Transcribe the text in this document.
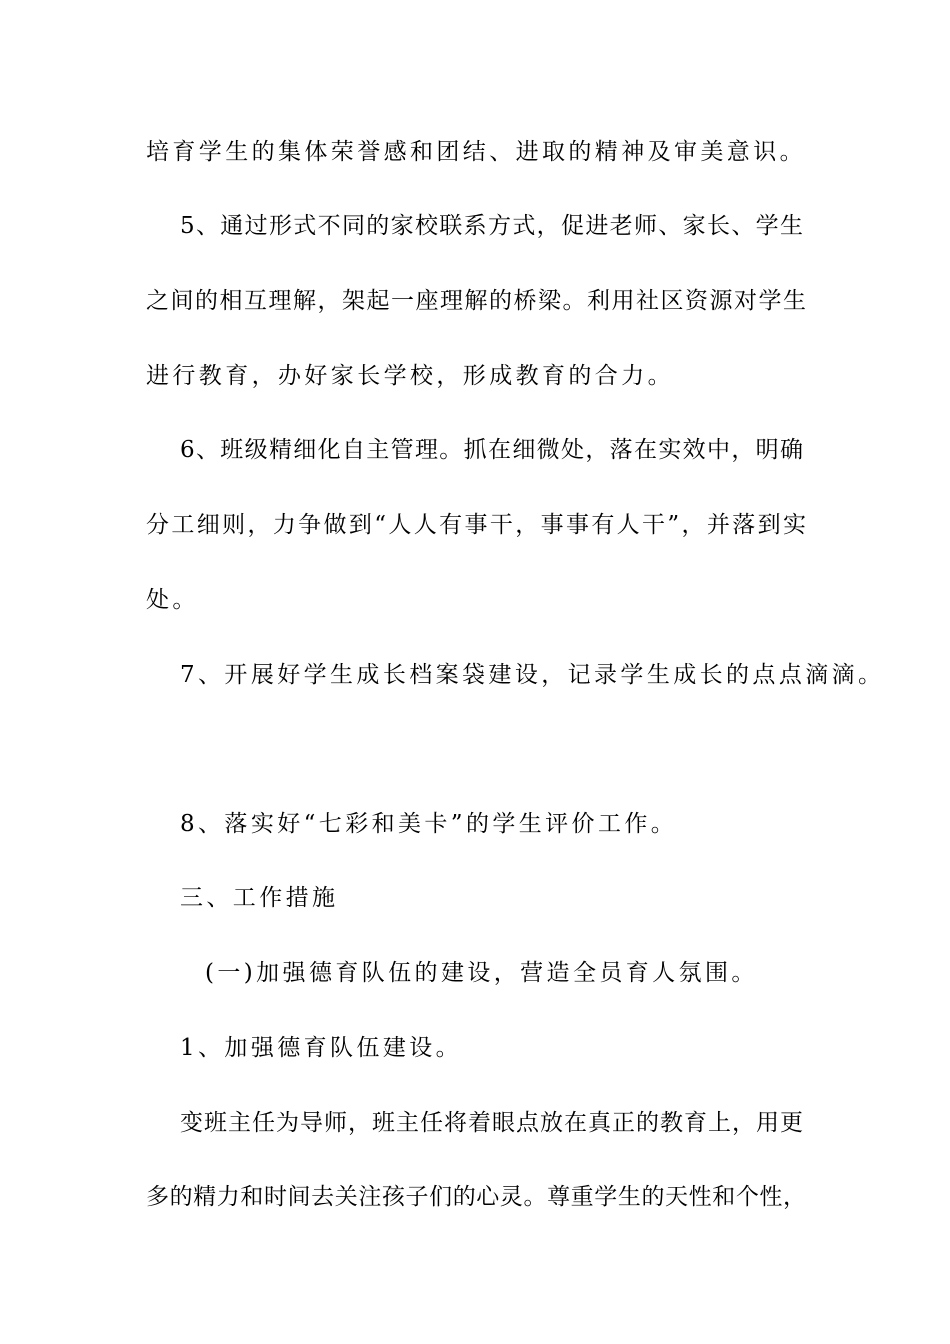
培育学生的集体荣誉感和团结、进取的精神及审美意识。
5、通过形式不同的家校联系方式，促进老师、家长、学生
之间的相互理解，架起一座理解的桥梁。利用社区资源对学生
进行教育，办好家长学校，形成教育的合力。
6、班级精细化自主管理。抓在细微处，落在实效中，明确
分工细则，力争做到“人人有事干，事事有人干”，并落到实
处。
7、开展好学生成长档案袋建设，记录学生成长的点点滴滴。
8、落实好“七彩和美卡”的学生评价工作。
三、工作措施
(一)加强德育队伍的建设，营造全员育人氛围。
1、加强德育队伍建设。
变班主任为导师，班主任将着眼点放在真正的教育上，用更
多的精力和时间去关注孩子们的心灵。尊重学生的天性和个性，
